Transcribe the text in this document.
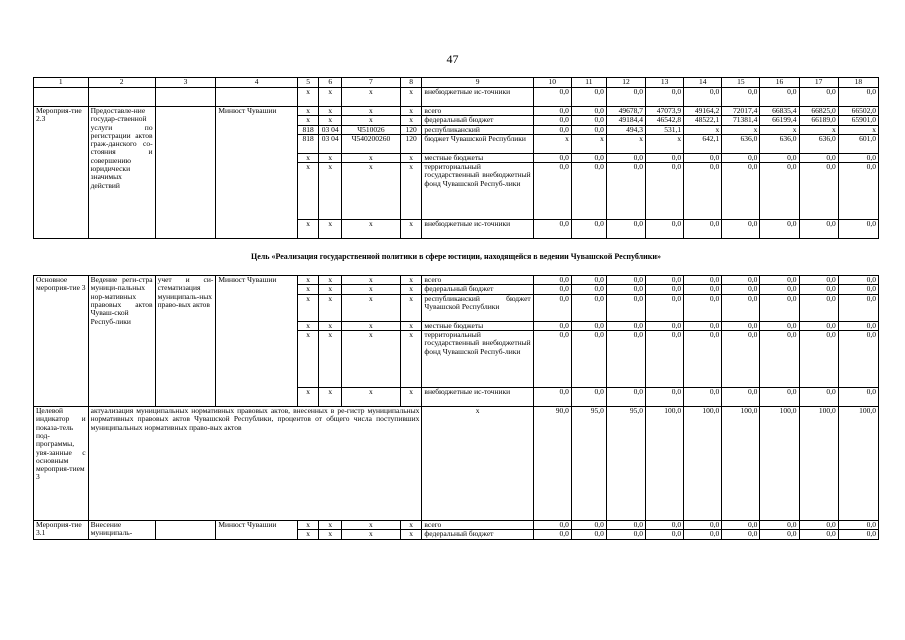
47
1	2	3	4	5	6	7	8	9	10	11	12	13	14	15	16	17	18
				x	x	x	x	внебюджетные ис-точники	0,0	0,0	0,0	0,0	0,0	0,0	0,0	0,0	0,0
Мероприя-тие 2.3	Предоставле-ние государ-ственной услуги по регистрации актов граж-данского со-стояния и совершению юридически значимых действий		Минюст Чувашии	x	x	x	x	всего	0,0	0,0	49678,7	47073,9	49164,2	72017,4	66835,4	66825,0	66502,0
				x	x	x	x	федеральный бюджет	0,0	0,0	49184,4	46542,8	48522,1	71381,4	66199,4	66189,0	65901,0
				818	03 04	Ч510026	120	республиканский	0,0	0,0	494,3	531,1	x	x	x	x	x
				818	03 04	Ч540200260	120	бюджет Чувашской Республики	x	x	x	x	642,1	636,0	636,0	636,0	601,0
				x	x	x	x	местные бюджеты	0,0	0,0	0,0	0,0	0,0	0,0	0,0	0,0	0,0
				x	x	x	x	территориальный государственный внебюджетный фонд Чувашской Респуб-лики	0,0	0,0	0,0	0,0	0,0	0,0	0,0	0,0	0,0
				x	x	x	x	внебюджетные ис-точники	0,0	0,0	0,0	0,0	0,0	0,0	0,0	0,0	0,0
Цель «Реализация государственной политики в сфере юстиции, находящейся в ведении Чувашской Республики»																	
Основное мероприя-тие 3	Ведение реги-стра муници-пальных нор-мативных правовых актов Чуваш-ской Респуб-лики	учет и си-стематизация муниципаль-ных право-вых актов	Минюст Чувашии	x	x	x	x	всего	0,0	0,0	0,0	0,0	0,0	0,0	0,0	0,0	0,0
				x	x	x	x	федеральный бюджет	0,0	0,0	0,0	0,0	0,0	0,0	0,0	0,0	0,0
				x	x	x	x	республиканский бюджет Чувашской Республики	0,0	0,0	0,0	0,0	0,0	0,0	0,0	0,0	0,0
				x	x	x	x	местные бюджеты	0,0	0,0	0,0	0,0	0,0	0,0	0,0	0,0	0,0
				x	x	x	x	территориальный государственный внебюджетный фонд Чувашской Респуб-лики	0,0	0,0	0,0	0,0	0,0	0,0	0,0	0,0	0,0
				x	x	x	x	внебюджетные ис-точники	0,0	0,0	0,0	0,0	0,0	0,0	0,0	0,0	0,0
Целевой индикатор и показа-тель под-программы, увя-занные с основным мероприя-тием 3	актуализация муниципальных нормативных правовых актов, внесенных в ре-гистр муниципальных нормативных правовых актов Чувашской Республики, процентов от общего числа поступивших муниципальных нормативных право-вых актов							x	90,0	95,0	95,0	100,0	100,0	100,0	100,0	100,0	100,0
Мероприя-тие 3.1	Внесение муниципаль-		Минюст Чувашии	x	x	x	x	всего	0,0	0,0	0,0	0,0	0,0	0,0	0,0	0,0	0,0
				x	x	x	x	федеральный бюджет	0,0	0,0	0,0	0,0	0,0	0,0	0,0	0,0	0,0
